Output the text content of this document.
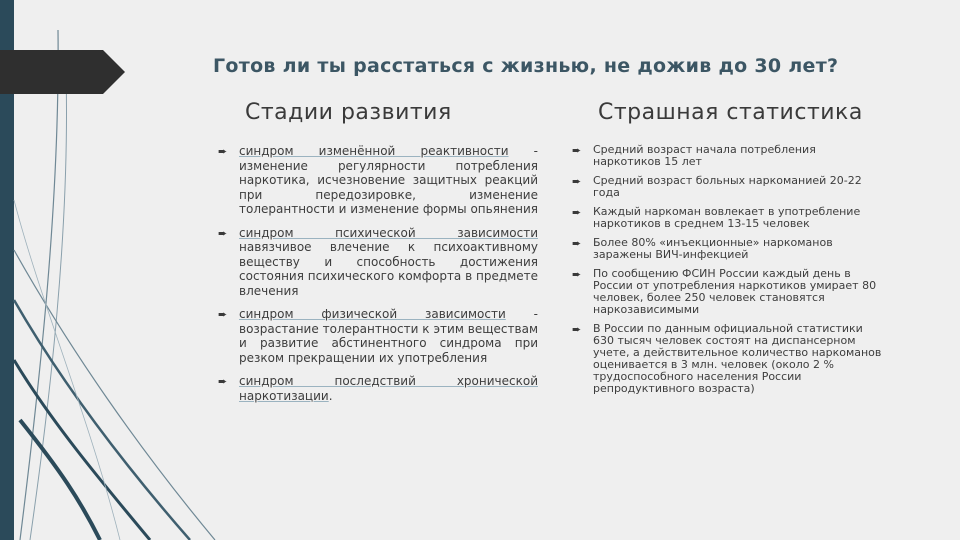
Готов ли ты расстаться с жизнью, не дожив до 30 лет?
Стадии развития	Страшная статистика
➨ синдром изменённой реактивности - изменение регулярности потребления наркотика, исчезновение защитных реакций при передозировке, изменение толерантности и изменение формы опьянения
➨ синдром психической зависимости навязчивое влечение к психоактивному веществу и способность достижения состояния психического комфорта в предмете влечения
➨ синдром физической зависимости - возрастание толерантности к этим веществам и развитие абстинентного синдрома при резком прекращении их употребления
➨ синдром последствий хронической наркотизации.
➨ Средний возраст начала потребления наркотиков 15 лет
➨ Средний возраст больных наркоманией 20-22 года
➨ Каждый наркоман вовлекает в употребление наркотиков в среднем 13-15 человек
➨ Более 80% «инъекционные» наркоманов заражены ВИЧ-инфекцией
➨ По сообщению ФСИН России каждый день в России от употребления наркотиков умирает 80 человек, более 250 человек становятся наркозависимыми
➨ В России по данным официальной статистики 630 тысяч человек состоят на диспансерном учете, а действительное количество наркоманов оценивается в 3 млн. человек (около 2 % трудоспособного населения России репродуктивного возраста)
